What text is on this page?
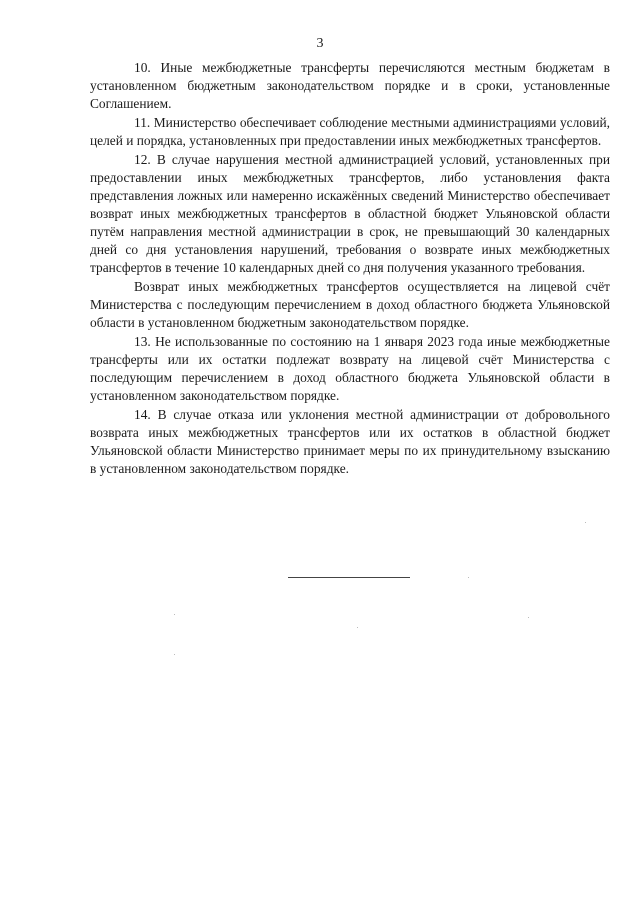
3

10. Иные межбюджетные трансферты перечисляются местным бюджетам в установленном бюджетным законодательством порядке и в сроки, установленные Соглашением.

11. Министерство обеспечивает соблюдение местными администрациями условий, целей и порядка, установленных при предоставлении иных межбюджетных трансфертов.

12. В случае нарушения местной администрацией условий, установленных при предоставлении иных межбюджетных трансфертов, либо установления факта представления ложных или намеренно искажённых сведений Министерство обеспечивает возврат иных межбюджетных трансфертов в областной бюджет Ульяновской области путём направления местной администрации в срок, не превышающий 30 календарных дней со дня установления нарушений, требования о возврате иных межбюджетных трансфертов в течение 10 календарных дней со дня получения указанного требования.

Возврат иных межбюджетных трансфертов осуществляется на лицевой счёт Министерства с последующим перечислением в доход областного бюджета Ульяновской области в установленном бюджетным законодательством порядке.

13. Не использованные по состоянию на 1 января 2023 года иные межбюджетные трансферты или их остатки подлежат возврату на лицевой счёт Министерства с последующим перечислением в доход областного бюджета Ульяновской области в установленном законодательством порядке.

14. В случае отказа или уклонения местной администрации от добровольного возврата иных межбюджетных трансфертов или их остатков в областной бюджет Ульяновской области Министерство принимает меры по их принудительному взысканию в установленном законодательством порядке.
